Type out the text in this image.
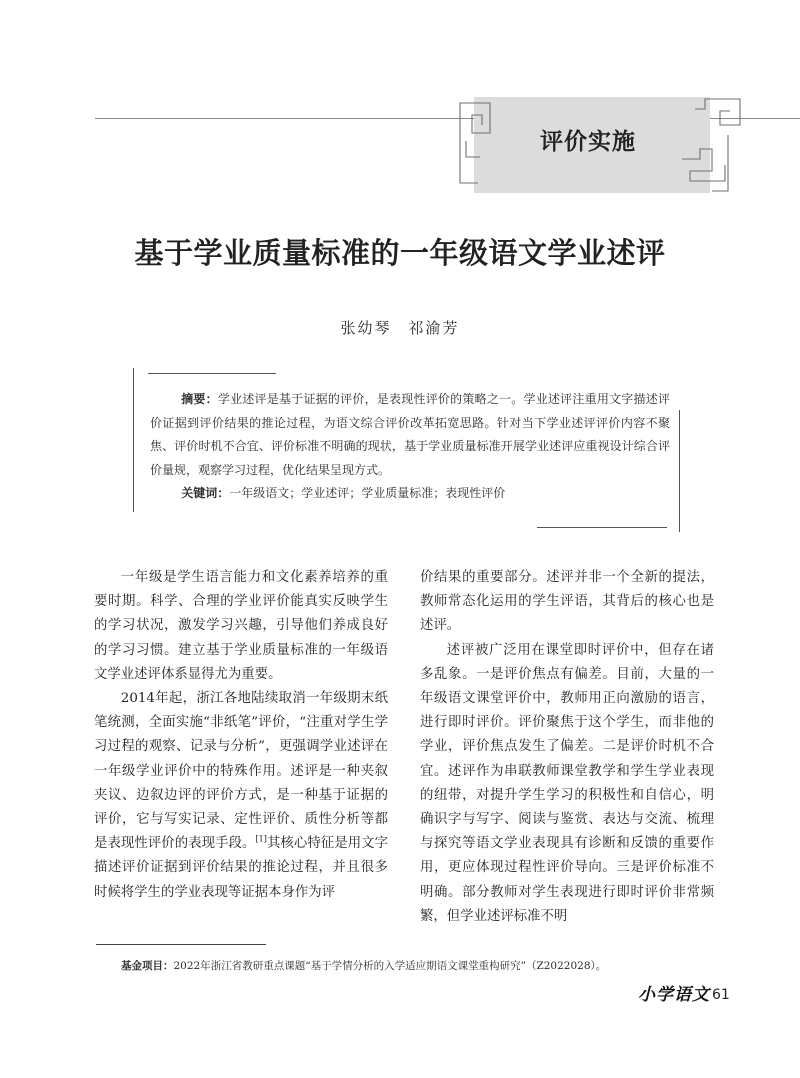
评价实施
基于学业质量标准的一年级语文学业述评
张幼琴　祁渝芳

摘要：学业述评是基于证据的评价，是表现性评价的策略之一。学业述评注重用文字描述评价证据到评价结果的推论过程，为语文综合评价改革拓宽思路。针对当下学业述评评价内容不聚焦、评价时机不合宜、评价标准不明确的现状，基于学业质量标准开展学业述评应重视设计综合评价量规，观察学习过程，优化结果呈现方式。

关键词：一年级语文；学业述评；学业质量标准；表现性评价

一年级是学生语言能力和文化素养培养的重要时期。科学、合理的学业评价能真实反映学生的学习状况，激发学习兴趣，引导他们养成良好的学习习惯。建立基于学业质量标准的一年级语文学业述评体系显得尤为重要。

2014年起，浙江各地陆续取消一年级期末纸笔统测，全面实施“非纸笔”评价，“注重对学生学习过程的观察、记录与分析”，更强调学业述评在一年级学业评价中的特殊作用。述评是一种夹叙夹议、边叙边评的评价方式，是一种基于证据的评价，它与写实记录、定性评价、质性分析等都是表现性评价的表现手段。[1]其核心特征是用文字描述评价证据到评价结果的推论过程，并且很多时候将学生的学业表现等证据本身作为评

价结果的重要部分。述评并非一个全新的提法，教师常态化运用的学生评语，其背后的核心也是述评。

述评被广泛用在课堂即时评价中，但存在诸多乱象。一是评价焦点有偏差。目前，大量的一年级语文课堂评价中，教师用正向激励的语言，进行即时评价。评价聚焦于这个学生，而非他的学业，评价焦点发生了偏差。二是评价时机不合宜。述评作为串联教师课堂教学和学生学业表现的纽带，对提升学生学习的积极性和自信心，明确识字与写字、阅读与鉴赏、表达与交流、梳理与探究等语文学业表现具有诊断和反馈的重要作用，更应体现过程性评价导向。三是评价标准不明确。部分教师对学生表现进行即时评价非常频繁，但学业述评标准不明

基金项目：2022年浙江省教研重点课题“基于学情分析的入学适应期语文课堂重构研究”（Z2022028）。
小学语文 61
